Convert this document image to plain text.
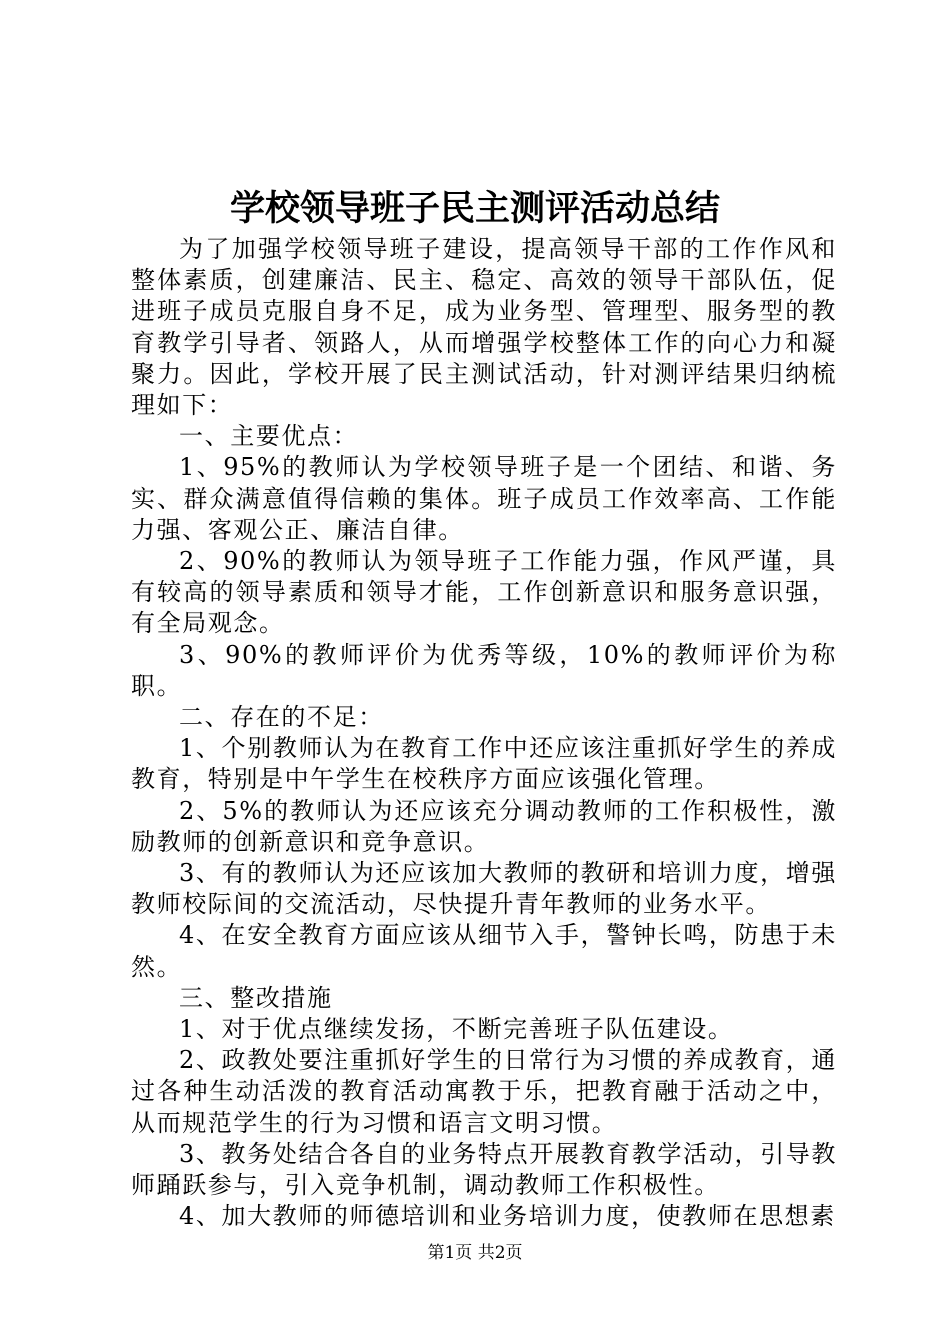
学校领导班子民主测评活动总结

为了加强学校领导班子建设，提高领导干部的工作作风和整体素质，创建廉洁、民主、稳定、高效的领导干部队伍，促进班子成员克服自身不足，成为业务型、管理型、服务型的教育教学引导者、领路人，从而增强学校整体工作的向心力和凝聚力。因此，学校开展了民主测试活动，针对测评结果归纳梳理如下：

一、主要优点：

1、95%的教师认为学校领导班子是一个团结、和谐、务实、群众满意值得信赖的集体。班子成员工作效率高、工作能力强、客观公正、廉洁自律。

2、90%的教师认为领导班子工作能力强，作风严谨，具有较高的领导素质和领导才能，工作创新意识和服务意识强，有全局观念。

3、90%的教师评价为优秀等级，10%的教师评价为称职。

二、存在的不足：

1、个别教师认为在教育工作中还应该注重抓好学生的养成教育，特别是中午学生在校秩序方面应该强化管理。

2、5%的教师认为还应该充分调动教师的工作积极性，激励教师的创新意识和竞争意识。

3、有的教师认为还应该加大教师的教研和培训力度，增强教师校际间的交流活动，尽快提升青年教师的业务水平。

4、在安全教育方面应该从细节入手，警钟长鸣，防患于未然。

三、整改措施

1、对于优点继续发扬，不断完善班子队伍建设。

2、政教处要注重抓好学生的日常行为习惯的养成教育，通过各种生动活泼的教育活动寓教于乐，把教育融于活动之中，从而规范学生的行为习惯和语言文明习惯。

3、教务处结合各自的业务特点开展教育教学活动，引导教师踊跃参与，引入竞争机制，调动教师工作积极性。

4、加大教师的师德培训和业务培训力度，使教师在思想素

第1页 共2页
